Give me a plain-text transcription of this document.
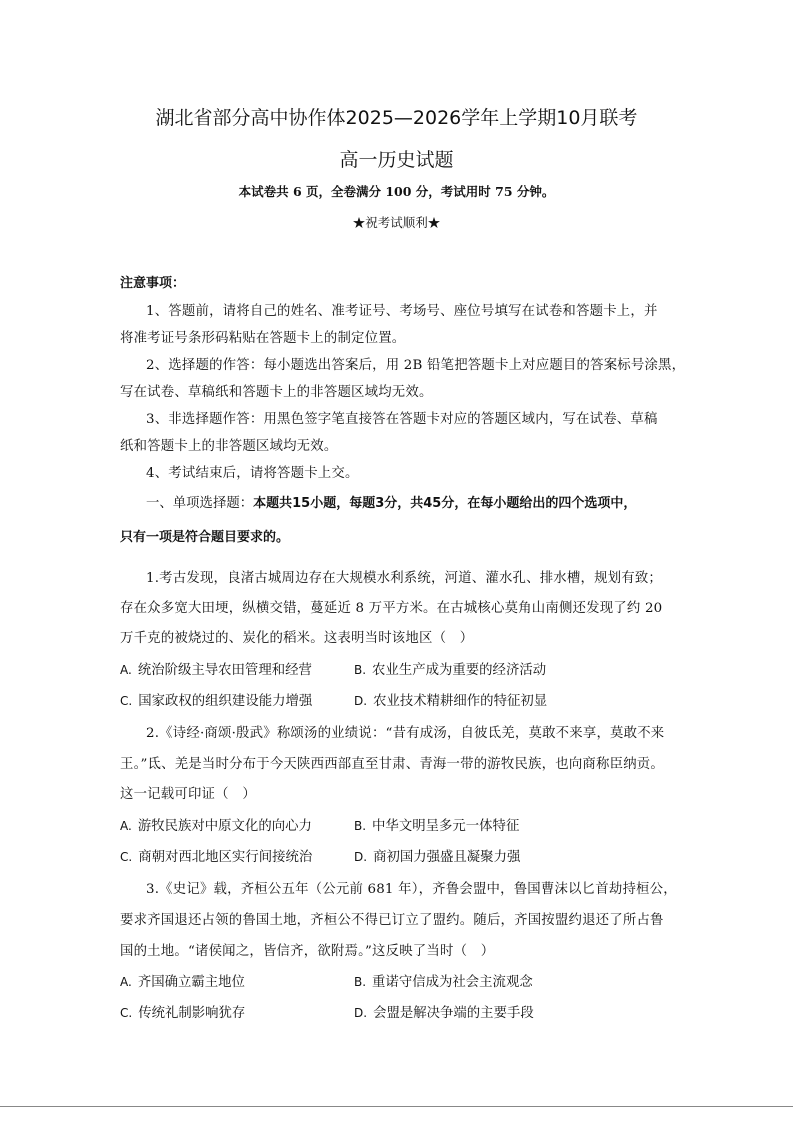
湖北省部分高中协作体2025—2026学年上学期10月联考
高一历史试题
本试卷共 6 页，全卷满分 100 分，考试用时 75 分钟。
★祝考试顺利★
注意事项：
1、答题前，请将自己的姓名、准考证号、考场号、座位号填写在试卷和答题卡上，并
将准考证号条形码粘贴在答题卡上的制定位置。
2、选择题的作答：每小题选出答案后，用 2B 铅笔把答题卡上对应题目的答案标号涂黑，
写在试卷、草稿纸和答题卡上的非答题区域均无效。
3、非选择题作答：用黑色签字笔直接答在答题卡对应的答题区域内，写在试卷、草稿
纸和答题卡上的非答题区域均无效。
4、考试结束后，请将答题卡上交。
一、单项选择题：本题共15小题，每题3分，共45分，在每小题给出的四个选项中，
只有一项是符合题目要求的。
1.考古发现，良渚古城周边存在大规模水利系统，河道、灌水孔、排水槽，规划有致；
存在众多宽大田埂，纵横交错，蔓延近 8 万平方米。在古城核心莫角山南侧还发现了约 20
万千克的被烧过的、炭化的稻米。这表明当时该地区（　）
A. 统治阶级主导农田管理和经营	B. 农业生产成为重要的经济活动
C. 国家政权的组织建设能力增强	D. 农业技术精耕细作的特征初显
2.《诗经·商颂·殷武》称颂汤的业绩说：“昔有成汤，自彼氐羌，莫敢不来享，莫敢不来
王。”氐、羌是当时分布于今天陕西西部直至甘肃、青海一带的游牧民族，也向商称臣纳贡。
这一记载可印证（　）
A. 游牧民族对中原文化的向心力	B. 中华文明呈多元一体特征
C. 商朝对西北地区实行间接统治	D. 商初国力强盛且凝聚力强
3.《史记》载，齐桓公五年（公元前 681 年），齐鲁会盟中，鲁国曹沫以匕首劫持桓公，
要求齐国退还占领的鲁国土地，齐桓公不得已订立了盟约。随后，齐国按盟约退还了所占鲁
国的土地。“诸侯闻之，皆信齐，欲附焉。”这反映了当时（　）
A. 齐国确立霸主地位	B. 重诺守信成为社会主流观念
C. 传统礼制影响犹存	D. 会盟是解决争端的主要手段
